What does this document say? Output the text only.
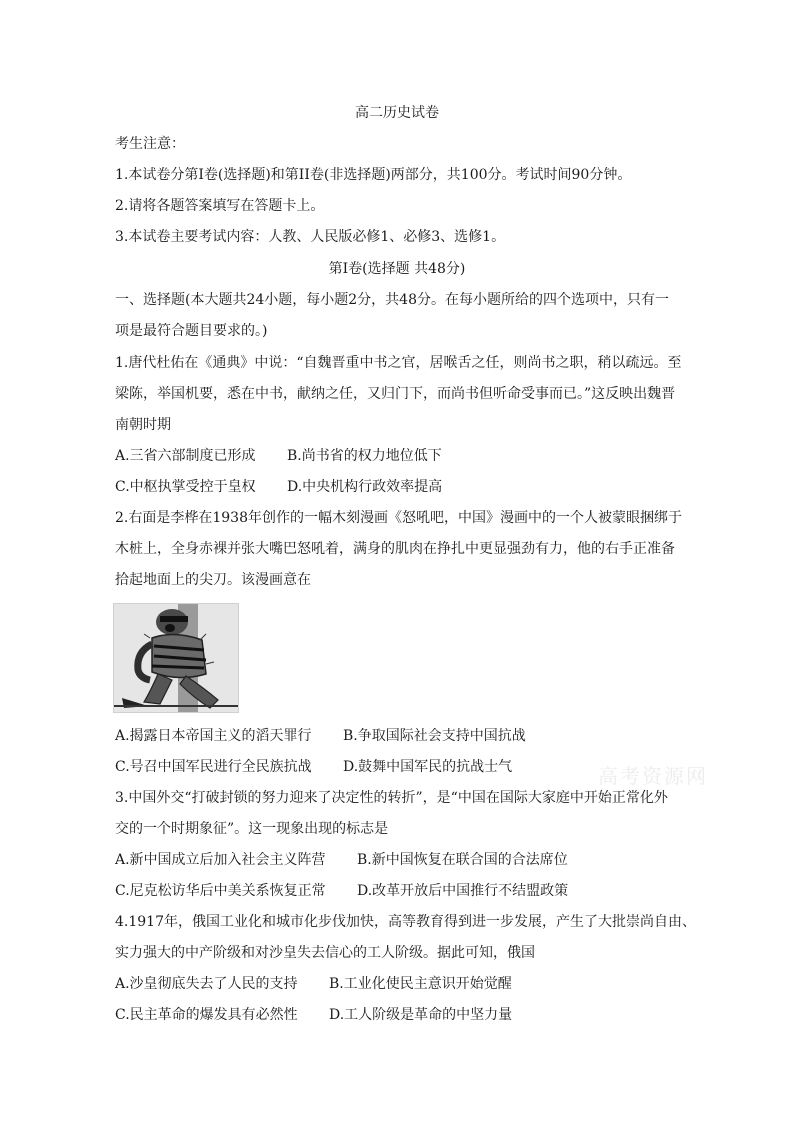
高二历史试卷
考生注意：
1.本试卷分第I卷(选择题)和第II卷(非选择题)两部分，共100分。考试时间90分钟。
2.请将各题答案填写在答题卡上。
3.本试卷主要考试内容：人教、人民版必修1、必修3、选修1。
第I卷(选择题 共48分)
一、选择题(本大题共24小题，每小题2分，共48分。在每小题所给的四个选项中，只有一
项是最符合题目要求的。)
1.唐代杜佑在《通典》中说：“自魏晋重中书之官，居喉舌之任，则尚书之职，稍以疏远。至
梁陈，举国机要，悉在中书，献纳之任，又归门下，而尚书但听命受事而已。”这反映出魏晋
南朝时期
A.三省六部制度已形成 B.尚书省的权力地位低下
C.中枢执掌受控于皇权 D.中央机构行政效率提高
2.右面是李桦在1938年创作的一幅木刻漫画《怒吼吧，中国》漫画中的一个人被蒙眼捆绑于
木桩上，全身赤裸并张大嘴巴怒吼着，满身的肌肉在挣扎中更显强劲有力，他的右手正准备
拾起地面上的尖刀。该漫画意在
A.揭露日本帝国主义的滔天罪行 B.争取国际社会支持中国抗战
C.号召中国军民进行全民族抗战 D.鼓舞中国军民的抗战士气
3.中国外交“打破封锁的努力迎来了决定性的转折”，是“中国在国际大家庭中开始正常化外
交的一个时期象征”。这一现象出现的标志是
A.新中国成立后加入社会主义阵营 B.新中国恢复在联合国的合法席位
C.尼克松访华后中美关系恢复正常 D.改革开放后中国推行不结盟政策
4.1917年，俄国工业化和城市化步伐加快，高等教育得到进一步发展，产生了大批崇尚自由、
实力强大的中产阶级和对沙皇失去信心的工人阶级。据此可知，俄国
A.沙皇彻底失去了人民的支持 B.工业化使民主意识开始觉醒
C.民主革命的爆发具有必然性 D.工人阶级是革命的中坚力量
高考资源网
